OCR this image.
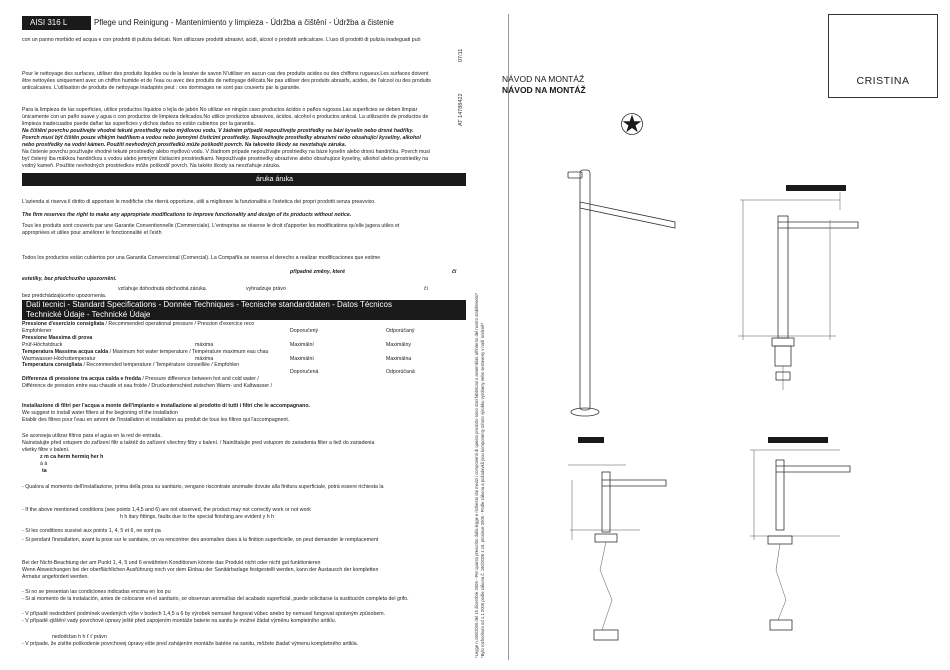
AISI 316 L	Pflege und Reinigung - Mantenimiento y limpieza - Údržba a čištění - Údržba a čistenie
con un panno morbido ed acqua e con prodotti di pulizia delicati. Non utilizzare prodotti abrasivi, acidi, alcool o prodotti anticalcare. L'uso di prodotti di pulizia inadeguati può
Pour le nettoyage des surfaces, utiliser des produits liquides ou de la lessive de savon N'utiliser en aucun cas des produits acides ou des chiffons rugueux.Les surfaces doivent
être nettoyées uniquement avec un chiffon humide et de l'eau ou avec des produits de nettoyage délicats.Ne pas utiliser des produits abrasifs, acides, de l'alcool ou des produits
anticalcaires. L'utilisation de produits de nettoyage inadaptés peut : ces dommages ne sont pas couverts par la garantie.
Para la limpieza de las superficies, utilice productos líquidos o lejía de jabón No utilizar en ningún caso productos ácidos o paños rugosos.Las superficies se deben limpiar
únicamente con un paño suave y agua o con productos de limpieza delicados.No utilice productos abrasivos, ácidos, alcohol o productos antical. La utilización de productos de
limpieza inadecuados puede dañar las superficies y dichos daños no están cubiertos por la garantía.
Na čištění povrchu používejte vhodné tekuté prostředky nebo mýdlovou vodu. V žádném případě nepoužívejte prostředky na bázi kyselin nebo drsné hadříky.
Povrch musí být čištěn pouze vlhkým hadříkem a vodou nebo jemnými čisticími prostředky. Nepoužívejte prostředky abrazivní nebo obsahující kyseliny, alkohol
nebo prostředky na vodní kámen. Použití nevhodných prostředků může poškodit povrch. Na takovéto škody se nevztahuje záruka.
Na čistenie povrchu používajte vhodné tekuté prostriedky alebo mydlovú vodu. V žiadnom prípade nepoužívajte prostriedky na báze kyselín alebo drsnú handričku. Povrch musí
byť čistený iba mäkkou handričkou s vodou alebo jemnými čistiacimi prostriedkami. Nepoužívajte prostriedky abrazívne alebo obsahujúce kyseliny, alkohol alebo prostriedky na
vodný kameň. Použitie nevhodných prostriedkov môže poškodiť povrch. Na takéto škody sa nevzťahuje záruka.
áruka áruka
L'azienda si riserva il diritto di apportare le modifiche che riterrà opportune, utili a migliorare la funzionalità e l'estetica dei propri prodotti senza preavviso.
The firm reserves the right to make any appropriate modifications to improve functionality and design of its products without notice.
Tous les produits sont couverts par une Garantie Conventionnelle (Commerciale). L'entreprise se réserve le droit d'apporter les modifications qu'elle jugera utiles et
appropriées et utiles pour améliorer le fonctionnalité et l'esth
Todos los productos están cubiertos por una Garantía Convencional (Comercial). La Compañía se reserva el derecho a realizar modificaciones que estime
případné změny, které	či
estetiky, bez předchozího upozornění.
vzťahuje dohodnutá obchodná záruka.	vyhradzuje právo	či
bez predchádzajúceho upozornenia.
Dati tecnici - Standard Specifications - Donnée Techniques - Tecnische standarddaten - Datos Técnicos
Technické Údaje - Technické Údaje
Pressione d'esercizio consigliata / Recommended operational pressure / Pression d'exercice reco
Empfohlener	Doporučený	Odporúčaný
Pressione Massima di prova
Prüf-Höchstdruck	máxima	Maximální	Maximálny
Temperatura Massima acqua calda / Maximum hot water temperature / Température maximum eau chau
Warmwasser-Höchsttemperatur	máxima	Maximální	Maximálna
Temperatura consigliata / Recommended temperature / Température conseillée / Empfohlen
Doporučená	Odporúčaná
Differenza di pressione tra acqua calda e fredda / Pressure difference between hot and cold water /
Différence de pression entre eau chaude et eau froide / Druckunterschied zwischen Warm- und Kaltwasser /
Installazione di filtri per l'acqua a monte dell'impianto e installazione al prodotto di tutti i filtri che le accompagnano.
We suggest to install water filters at the beginning of the installation
Etablir des filtres pour l'eau en amont de l'installation et installation au produit de tous les filtres qui l'accompagnent.
Se aconseja utilizar filtros para el agua en la red de entrada.
Nainstalujte před vstupem do zařízení filtr a taktéž do zařízení všechny filtry v balení. / Nainštalujte pred vstupom do zariadenia filter a tiež do zariadenia
všetky filtre v balení.
z m ca herm hermiq her h
à à
ta
- Qualora al momento dell'installazione, prima della posa su sanitario, vengano riscontrate anomalie dovute alla finitura superficiale, potrà essere richiesta la
- If the above mentioned conditions (see points 1,4,5 and 6) are not observed, the product may not correctly work or not work
h h itary fittings, faults due to the special finishing are evident y h h
- Si les conditions susvisé aux points 1, 4, 5 et 6, ne sont pa
- Si pendant l'installation, avant la pose sur le sanitaire, on va rencontrer des anomalies dues à la finition superficielle, on peut demander le remplacement
Bei der Nicht-Beachtung der am Punkt 1, 4, 5 und 6 erwähnten Konditionen könnte das Produkt nicht oder nicht gut funktionieren
Wenn Abweichungen bei der oberflächlichen Ausführung noch vor dem Einbau der Sanitärbarlage festgestellt werden, kann der Austausch der kompletten
Armatur angefordert werden.
- Si no se presentan las condiciones indicadas encima en los pu
- Si al momento de la instalación, antes de colocarse en el sanitario, se observan anomalías del acabado superficial, puede solicitarse la sustitución completa del grifo.
- V případě nedodržení podmínek uvedených výše v bodech 1,4,5 a 6 by výrobek nemusel fungovat vůbec anebo by nemusel fungovat správným způsobem.
- V případě zjištění vady povrchové úpravy ještě před zapojením montáže baterie na sanitu je možné žádat výměnu kompletního artiklu.
nedodržan h h ť ť právn
- V prípade, že zistíte poškodenie povrchovej úpravy ešte pred zahájením montáže batérie na sanitu, môžete žiadať výmenu kompletného artikla.
07/11
AT 14788422
*Legge n.190/2006 del 15 dicembre 2005 - Per quanto prescritto dalla legge e richiesto dai mezzi i componenti di questo prodotto sono stati fabbricati o assemblati all'interno del nostro stabilimento* *Bylo rozhodnuto od 1.1.2006 podle zákona č. 190/2006 z 15. prosince 2005 - Podle zákona a požadavků jsou komponenty tohoto výrobku vyrobeny nebo sestaveny v naší továrně*
NÁVOD NA MONTÁŽ
NÁVOD NA MONTÁŽ
CRISTINA
